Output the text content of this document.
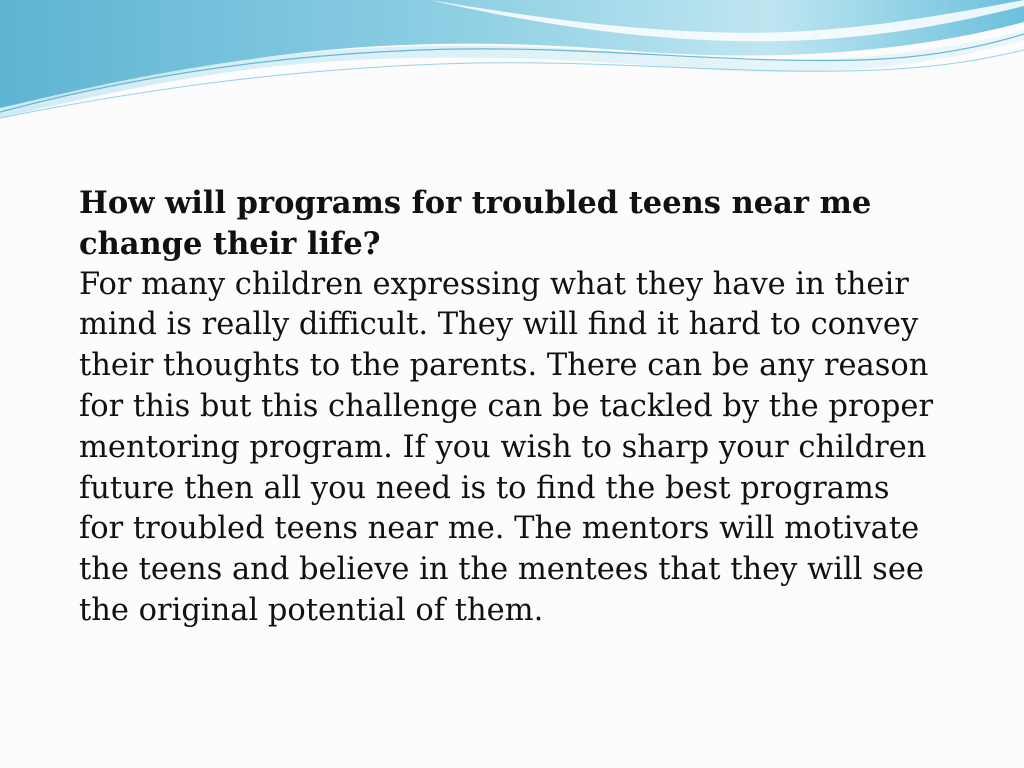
How will programs for troubled teens near me change their life?

For many children expressing what they have in their mind is really difficult. They will find it hard to convey their thoughts to the parents. There can be any reason for this but this challenge can be tackled by the proper mentoring program. If you wish to sharp your children future then all you need is to find the best programs for troubled teens near me. The mentors will motivate the teens and believe in the mentees that they will see the original potential of them.
